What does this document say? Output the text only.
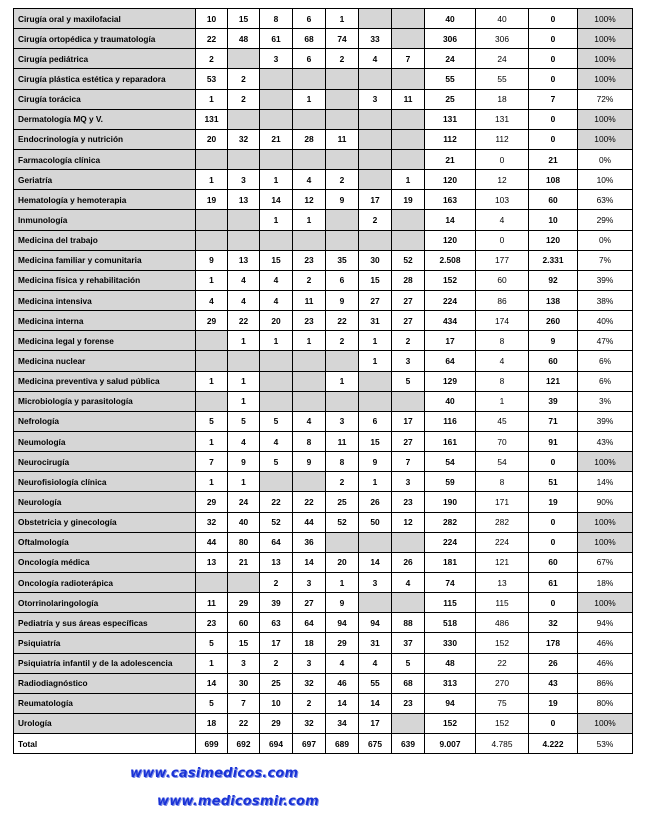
Cirugía oral y maxilofacial	10	15	8	6	1			40	40	0	100%
Cirugía ortopédica y traumatología	22	48	61	68	74	33		306	306	0	100%
Cirugía pediátrica	2		3	6	2	4	7	24	24	0	100%
Cirugía plástica estética y reparadora	53	2						55	55	0	100%
Cirugía torácica	1	2		1		3	11	25	18	7	72%
Dermatología MQ y V.	131							131	131	0	100%
Endocrinología y nutrición	20	32	21	28	11			112	112	0	100%
Farmacología clínica								21	0	21	0%
Geriatría	1	3	1	4	2		1	120	12	108	10%
Hematología y hemoterapia	19	13	14	12	9	17	19	163	103	60	63%
Inmunología			1	1		2		14	4	10	29%
Medicina del trabajo								120	0	120	0%
Medicina familiar y comunitaria	9	13	15	23	35	30	52	2.508	177	2.331	7%
Medicina física y rehabilitación	1	4	4	2	6	15	28	152	60	92	39%
Medicina intensiva	4	4	4	11	9	27	27	224	86	138	38%
Medicina interna	29	22	20	23	22	31	27	434	174	260	40%
Medicina legal y forense		1	1	1	2	1	2	17	8	9	47%
Medicina nuclear						1	3	64	4	60	6%
Medicina preventiva y salud pública	1	1			1		5	129	8	121	6%
Microbiología y parasitología		1						40	1	39	3%
Nefrología	5	5	5	4	3	6	17	116	45	71	39%
Neumología	1	4	4	8	11	15	27	161	70	91	43%
Neurocirugía	7	9	5	9	8	9	7	54	54	0	100%
Neurofisiología clínica	1	1			2	1	3	59	8	51	14%
Neurología	29	24	22	22	25	26	23	190	171	19	90%
Obstetricia y ginecología	32	40	52	44	52	50	12	282	282	0	100%
Oftalmología	44	80	64	36				224	224	0	100%
Oncología médica	13	21	13	14	20	14	26	181	121	60	67%
Oncología radioterápica			2	3	1	3	4	74	13	61	18%
Otorrinolaringología	11	29	39	27	9			115	115	0	100%
Pediatría y sus áreas específicas	23	60	63	64	94	94	88	518	486	32	94%
Psiquiatría	5	15	17	18	29	31	37	330	152	178	46%
Psiquiatría infantil y de la adolescencia	1	3	2	3	4	4	5	48	22	26	46%
Radiodiagnóstico	14	30	25	32	46	55	68	313	270	43	86%
Reumatología	5	7	10	2	14	14	23	94	75	19	80%
Urología	18	22	29	32	34	17		152	152	0	100%
Total	699	692	694	697	689	675	639	9.007	4.785	4.222	53%
www.casimedicos.com
www.medicosmir.com
